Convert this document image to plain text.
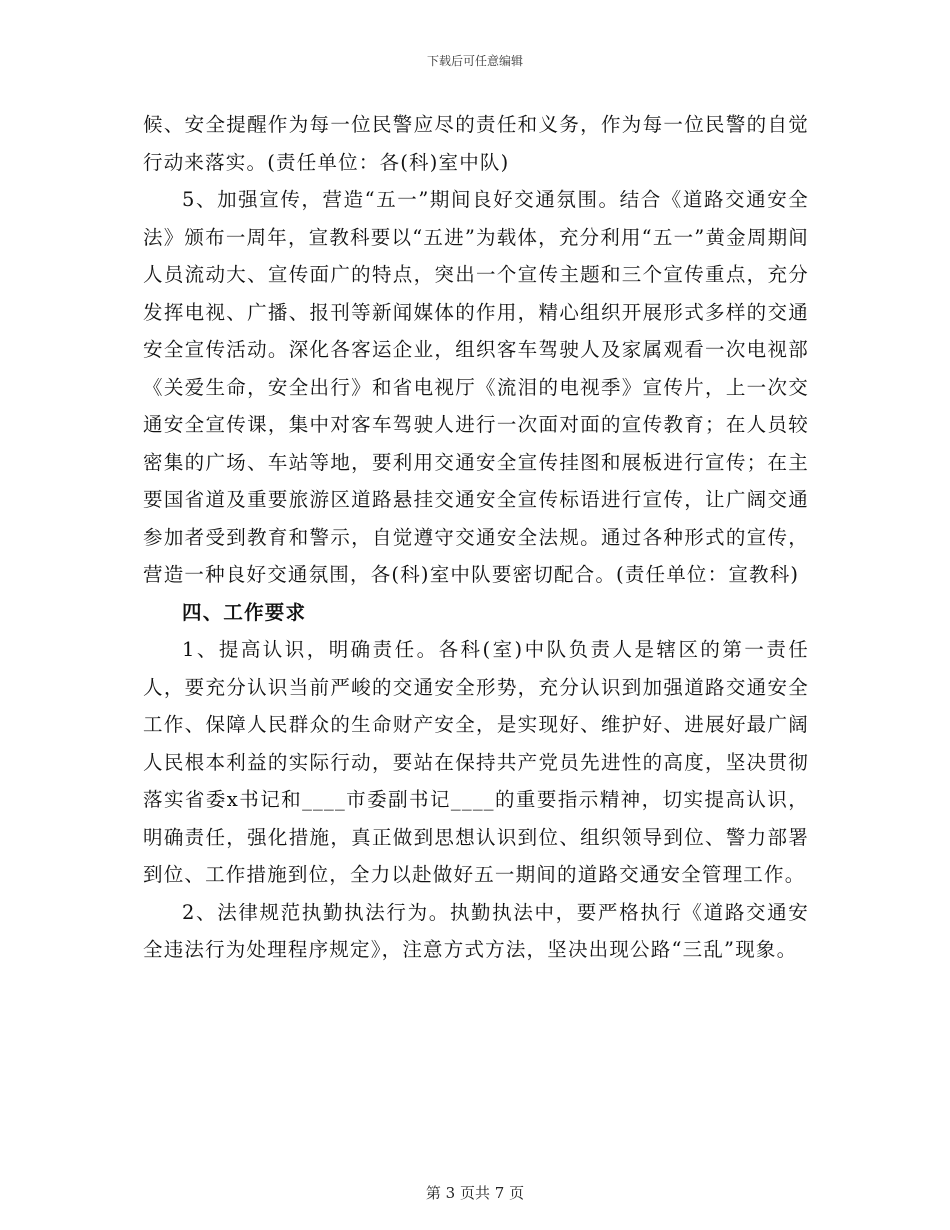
下载后可任意编辑

候、安全提醒作为每一位民警应尽的责任和义务，作为每一位民警的自觉行动来落实。(责任单位：各(科)室中队)

5、加强宣传，营造“五一”期间良好交通氛围。结合《道路交通安全法》颁布一周年，宣教科要以“五进”为载体，充分利用“五一”黄金周期间人员流动大、宣传面广的特点，突出一个宣传主题和三个宣传重点，充分发挥电视、广播、报刊等新闻媒体的作用，精心组织开展形式多样的交通安全宣传活动。深化各客运企业，组织客车驾驶人及家属观看一次电视部《关爱生命，安全出行》和省电视厅《流泪的电视季》宣传片，上一次交通安全宣传课，集中对客车驾驶人进行一次面对面的宣传教育；在人员较密集的广场、车站等地，要利用交通安全宣传挂图和展板进行宣传；在主要国省道及重要旅游区道路悬挂交通安全宣传标语进行宣传，让广阔交通参加者受到教育和警示，自觉遵守交通安全法规。通过各种形式的宣传，营造一种良好交通氛围，各(科)室中队要密切配合。(责任单位：宣教科)

四、工作要求

1、提高认识，明确责任。各科(室)中队负责人是辖区的第一责任人，要充分认识当前严峻的交通安全形势，充分认识到加强道路交通安全工作、保障人民群众的生命财产安全，是实现好、维护好、进展好最广阔人民根本利益的实际行动，要站在保持共产党员先进性的高度，坚决贯彻落实省委x书记和____市委副书记____的重要指示精神，切实提高认识，明确责任，强化措施，真正做到思想认识到位、组织领导到位、警力部署到位、工作措施到位，全力以赴做好五一期间的道路交通安全管理工作。

2、法律规范执勤执法行为。执勤执法中，要严格执行《道路交通安全违法行为处理程序规定》，注意方式方法，坚决出现公路“三乱”现象。

第 3 页共 7 页
